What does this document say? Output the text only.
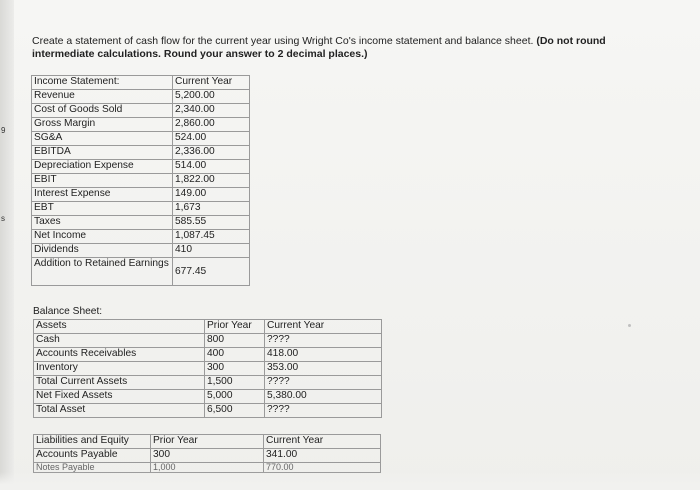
9
s
Create a statement of cash flow for the current year using Wright Co's income statement and balance sheet. (Do not round intermediate calculations. Round your answer to 2 decimal places.)
Income Statement:	Current Year
Revenue	5,200.00
Cost of Goods Sold	2,340.00
Gross Margin	2,860.00
SG&A	524.00
EBITDA	2,336.00
Depreciation Expense	514.00
EBIT	1,822.00
Interest Expense	149.00
EBT	1,673
Taxes	585.55
Net Income	1,087.45
Dividends	410
Addition to Retained Earnings	677.45
Balance Sheet:
Assets	Prior Year	Current Year
Cash	800	????
Accounts Receivables	400	418.00
Inventory	300	353.00
Total Current Assets	1,500	????
Net Fixed Assets	5,000	5,380.00
Total Asset	6,500	????
Liabilities and Equity	Prior Year	Current Year
Accounts Payable	300	341.00
Notes Payable	1,000	770.00
